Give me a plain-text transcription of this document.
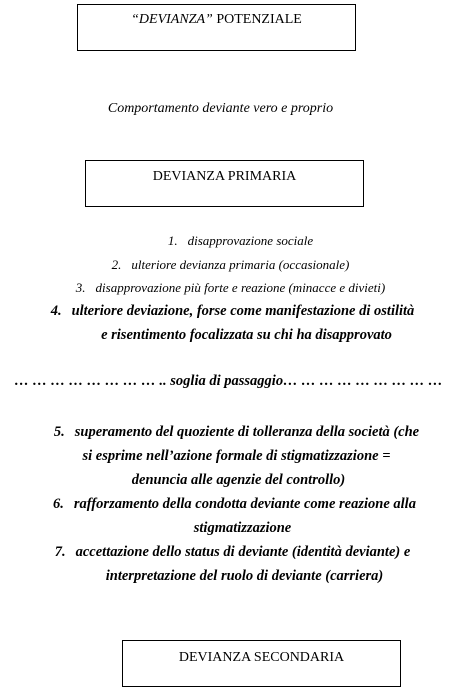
“DEVIANZA” POTENZIALE
Comportamento deviante vero e proprio
DEVIANZA PRIMARIA
1. disapprovazione sociale
2. ulteriore devianza primaria (occasionale)
3. disapprovazione più forte e reazione (minacce e divieti)
4. ulteriore deviazione, forse come manifestazione di ostilità
e risentimento focalizzata su chi ha disapprovato
… … … … … … … … .. soglia di passaggio… … … … … … … … …
5. superamento del quoziente di tolleranza della società (che
si esprime nell’azione formale di stigmatizzazione =
denuncia alle agenzie del controllo)
6. rafforzamento della condotta deviante come reazione alla
stigmatizzazione
7. accettazione dello status di deviante (identità deviante) e
interpretazione del ruolo di deviante (carriera)
DEVIANZA SECONDARIA
